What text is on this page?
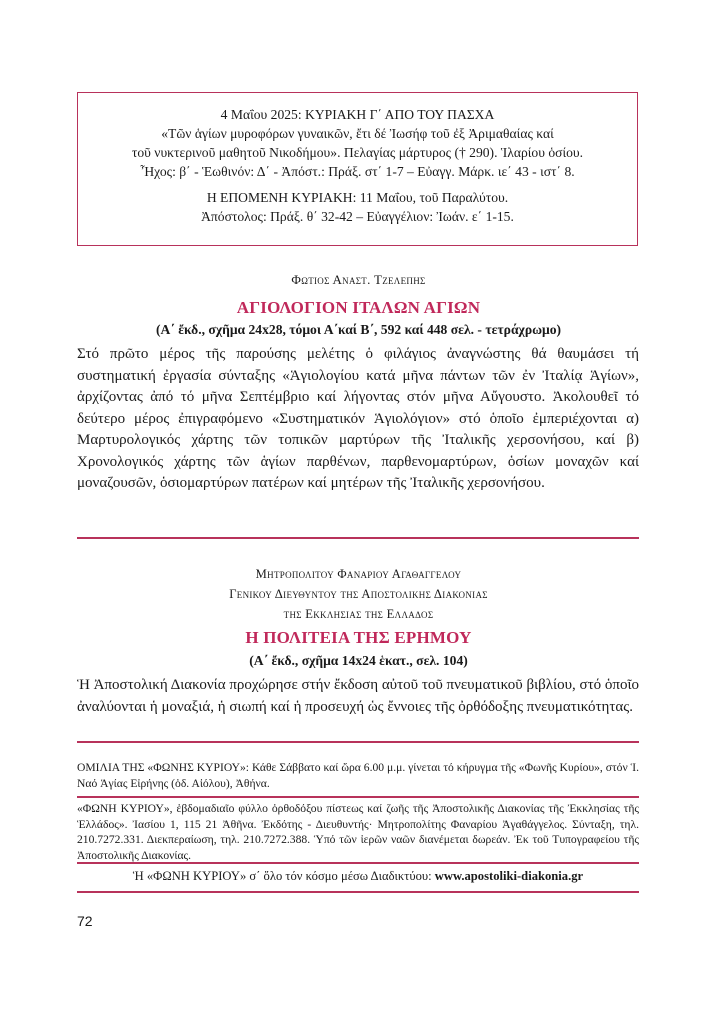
4 Μαΐου 2025: ΚΥΡΙΑΚΗ Γ΄ ΑΠΟ ΤΟΥ ΠΑΣΧΑ
«Τῶν ἁγίων μυροφόρων γυναικῶν, ἔτι δέ Ἰωσήφ τοῦ ἐξ Ἀριμαθαίας καί
τοῦ νυκτερινοῦ μαθητοῦ Νικοδήμου». Πελαγίας μάρτυρος († 290). Ἱλαρίου ὁσίου.
Ἦχος: β΄ - Ἑωθινόν: Δ΄ - Ἀπόστ.: Πράξ. στ΄ 1-7 – Εὐαγγ. Μάρκ. ιε΄ 43 - ιστ΄ 8.
Η ΕΠΟΜΕΝΗ ΚΥΡΙΑΚΗ: 11 Μαΐου, τοῦ Παραλύτου.
Ἀπόστολος: Πράξ. θ΄ 32-42 – Εὐαγγέλιον: Ἰωάν. ε΄ 1-15.
Φωτιος Αναστ. Τζελεπης
ΑΓΙΟΛΟΓΙΟΝ ΙΤΑΛΩΝ ΑΓΙΩΝ
(Α΄ ἔκδ., σχῆμα 24x28, τόμοι Α΄καί Β΄, 592 καί 448 σελ. - τετράχρωμο)
Στό πρῶτο μέρος τῆς παρούσης μελέτης ὁ φιλάγιος ἀναγνώστης θά θαυμάσει τή συστηματική ἐργασία σύνταξης «Ἁγιολογίου κατά μῆνα πάντων τῶν ἐν Ἰταλίᾳ Ἁγίων», ἀρχίζοντας ἀπό τό μῆνα Σεπτέμβριο καί λήγοντας στόν μῆνα Αὔγουστο. Ἀκολουθεῖ τό δεύτερο μέρος ἐπιγραφόμενο «Συστηματικόν Ἁγιολόγιον» στό ὁποῖο ἐμπεριέχονται α) Μαρτυρολογικός χάρτης τῶν τοπικῶν μαρτύρων τῆς Ἰταλικῆς χερσονήσου, καί β) Χρονολογικός χάρτης τῶν ἁγίων παρθένων, παρθενομαρτύρων, ὁσίων μοναχῶν καί μοναζουσῶν, ὁσιομαρτύρων πατέρων καί μητέρων τῆς Ἰταλικῆς χερσονήσου.
Μητροπολιτου Φαναριου Αγαθαγγελου
Γενικου Διευθυντου της Αποστολικης Διακονιας
της Εκκλησιας της Ελλαδος
Η ΠΟΛΙΤΕΙΑ ΤΗΣ ΕΡΗΜΟΥ
(Α΄ ἔκδ., σχῆμα 14x24 ἑκατ., σελ. 104)
Ἡ Ἀποστολική Διακονία προχώρησε στήν ἔκδοση αὐτοῦ τοῦ πνευματικοῦ βιβλίου, στό ὁποῖο ἀναλύονται ἡ μοναξιά, ἡ σιωπή καί ἡ προσευχή ὡς ἔννοιες τῆς ὀρθόδοξης πνευματικότητας.
ΟΜΙΛΙΑ ΤΗΣ «ΦΩΝΗΣ ΚΥΡΙΟΥ»: Κάθε Σάββατο καί ὥρα 6.00 μ.μ. γίνεται τό κήρυγμα τῆς «Φωνῆς Κυρίου», στόν Ἱ. Ναό Ἁγίας Εἰρήνης (ὁδ. Αἰόλου), Ἀθήνα.
«ΦΩΝΗ ΚΥΡΙΟΥ», ἑβδομαδιαῖο φύλλο ὀρθοδόξου πίστεως καί ζωῆς τῆς Ἀποστολικῆς Διακονίας τῆς Ἐκκλησίας τῆς Ἑλλάδος». Ἰασίου 1, 115 21 Ἀθῆνα. Ἐκδότης - Διευθυντής· Μητροπολίτης Φαναρίου Ἀγαθάγγελος. Σύνταξη, τηλ. 210.7272.331. Διεκπεραίωση, τηλ. 210.7272.388. Ὑπό τῶν ἱερῶν ναῶν διανέμεται δωρεάν. Ἐκ τοῦ Τυπογραφείου τῆς Ἀποστολικῆς Διακονίας.
Ἡ «ΦΩΝΗ ΚΥΡΙΟΥ» σ΄ ὅλο τόν κόσμο μέσω Διαδικτύου: www.apostoliki-diakonia.gr
72
